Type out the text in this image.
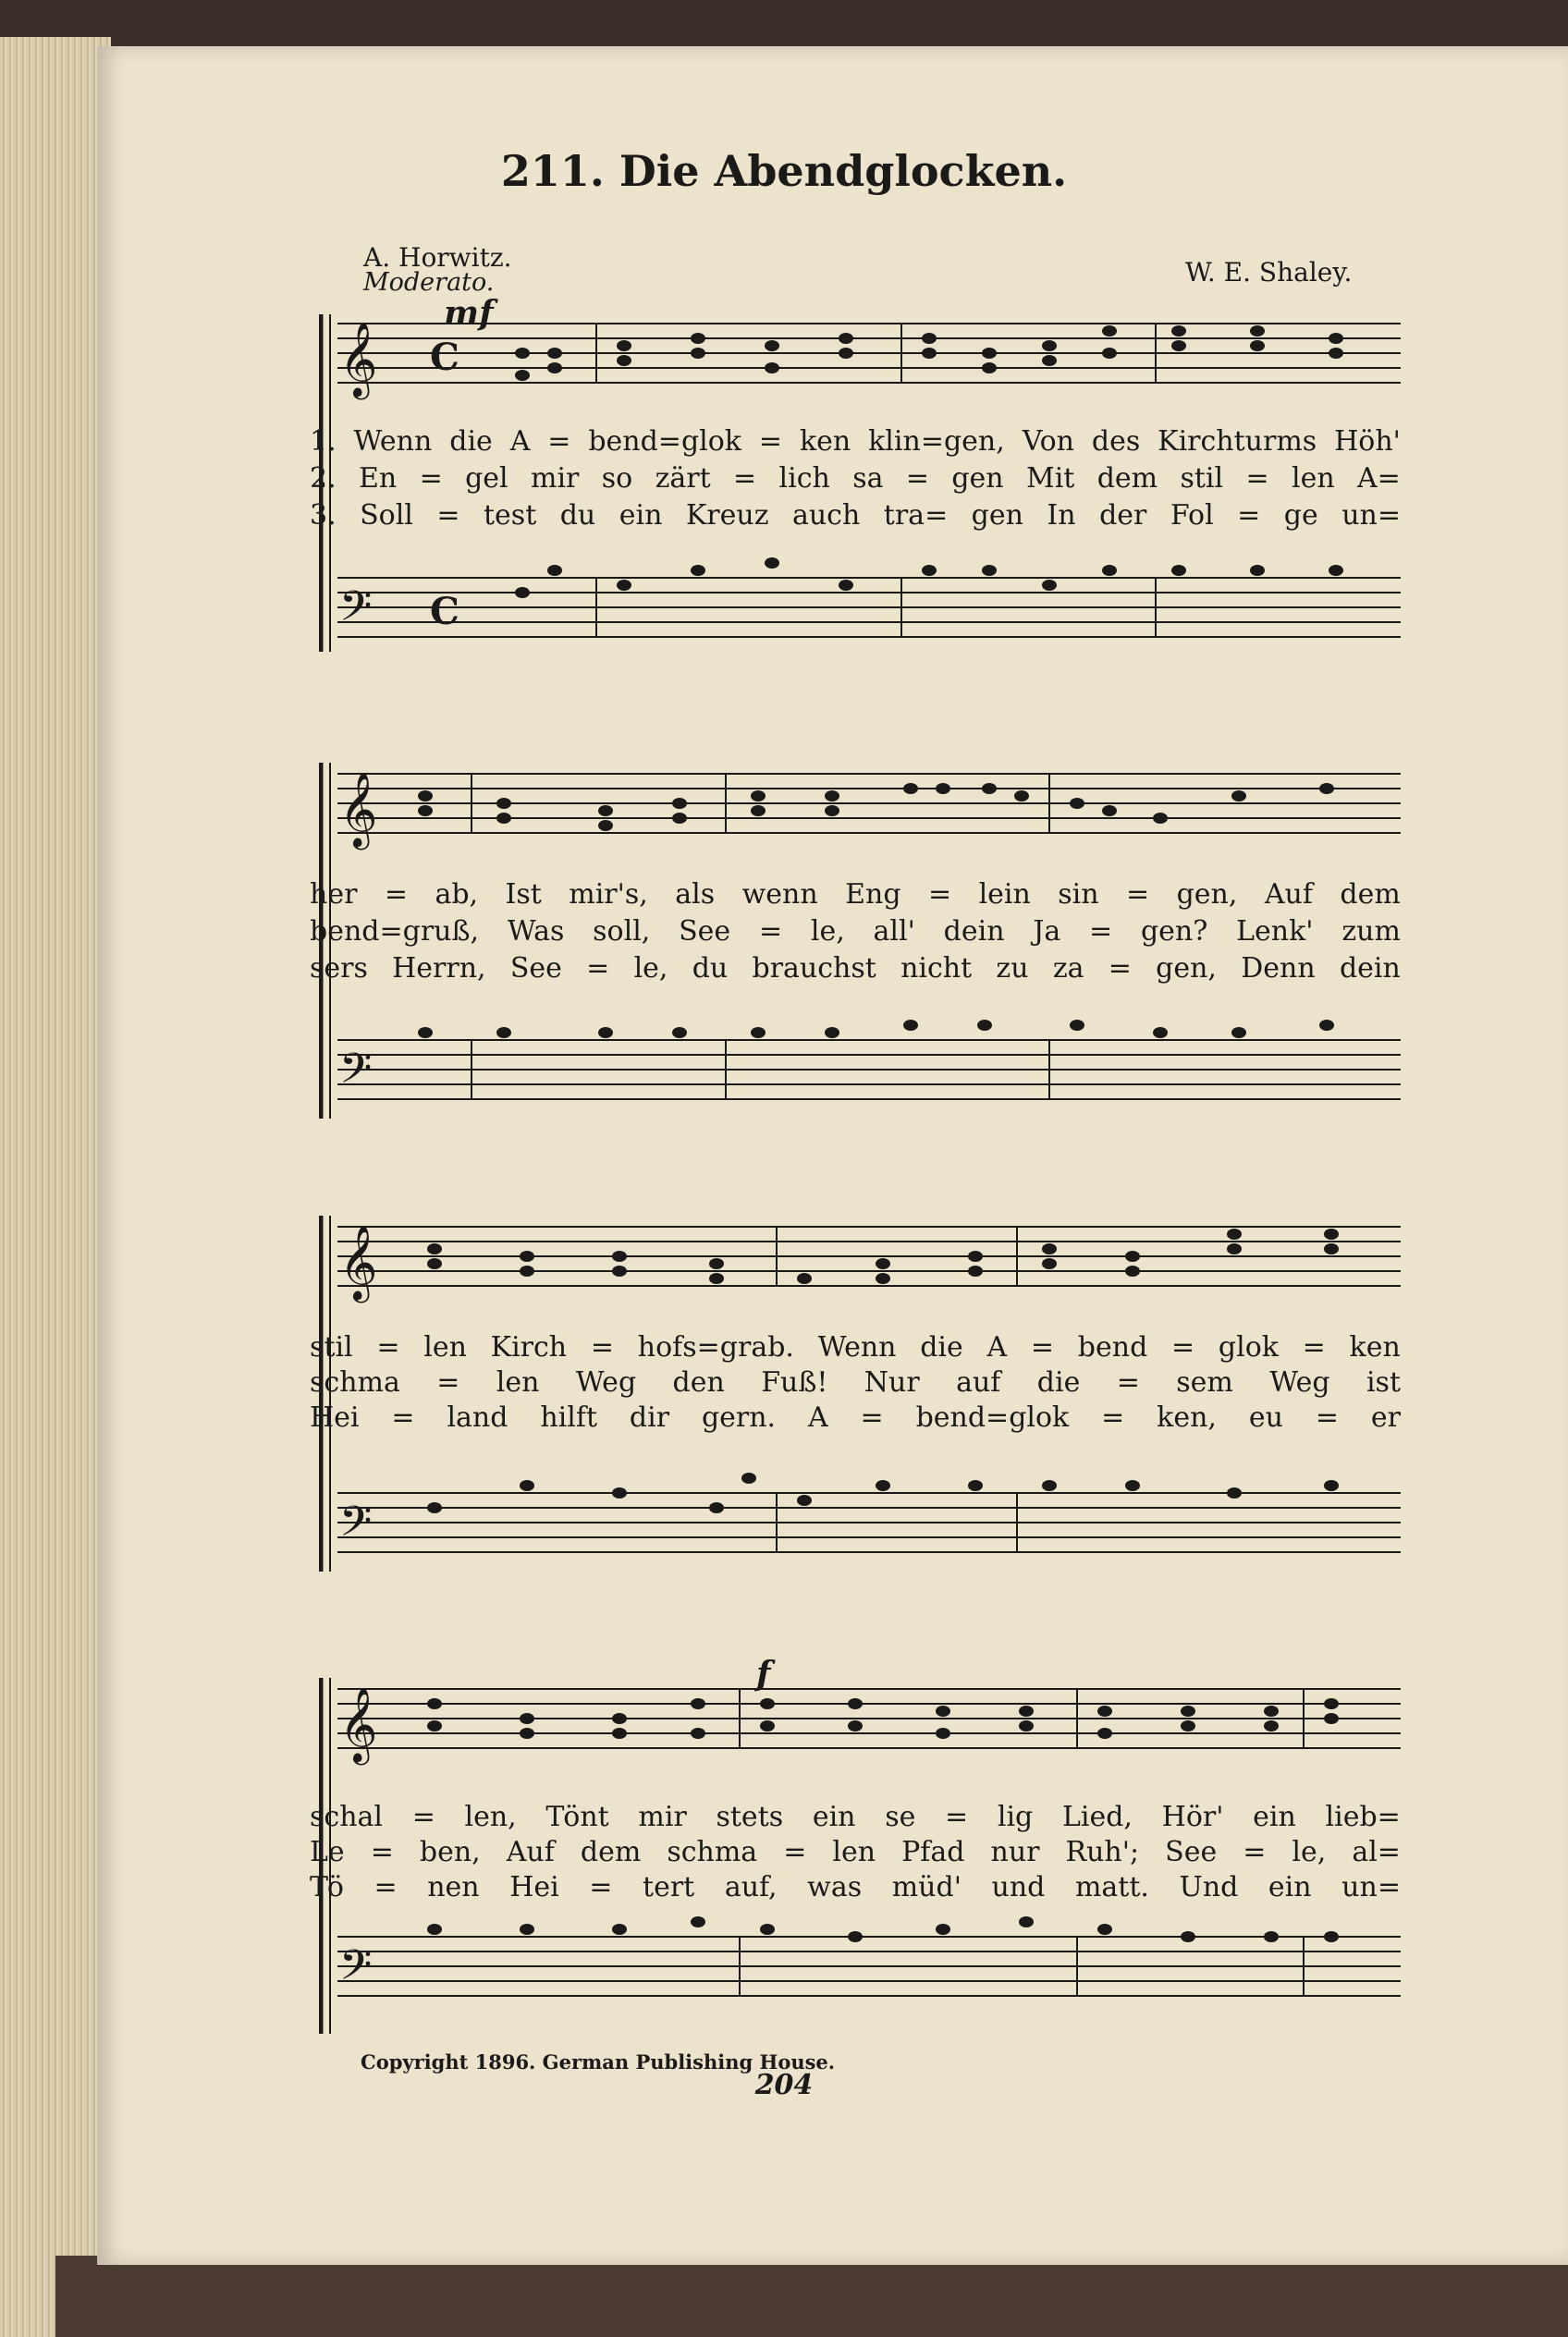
211. Die Abendglocken.
A. Horwitz.
Moderato.	W. E. Shaley.
mf
f
𝄞
𝄢
C
C
1. Wenn die A = bend=glok = ken klin=gen, Von des Kirchturms Höh'
2. En = gel mir so zärt = lich sa = gen Mit dem stil = len A=
3. Soll = test du ein Kreuz auch tra= gen In der Fol = ge un=
𝄞
𝄢
her = ab, Ist mir's, als wenn Eng = lein sin = gen, Auf dem
bend=gruß, Was soll, See = le, all' dein Ja = gen? Lenk' zum
sers Herrn, See = le, du brauchst nicht zu za = gen, Denn dein
𝄞
𝄢
stil = len Kirch = hofs=grab. Wenn die A = bend = glok = ken
schma = len Weg den Fuß! Nur auf die = sem Weg ist
Hei = land hilft dir gern. A = bend=glok = ken, eu = er
𝄞
𝄢
schal = len, Tönt mir stets ein se = lig Lied, Hör' ein lieb=
Le = ben, Auf dem schma = len Pfad nur Ruh'; See = le, al=
Tö = nen Hei = tert auf, was müd' und matt. Und ein un=
Copyright 1896. German Publishing House.
204
